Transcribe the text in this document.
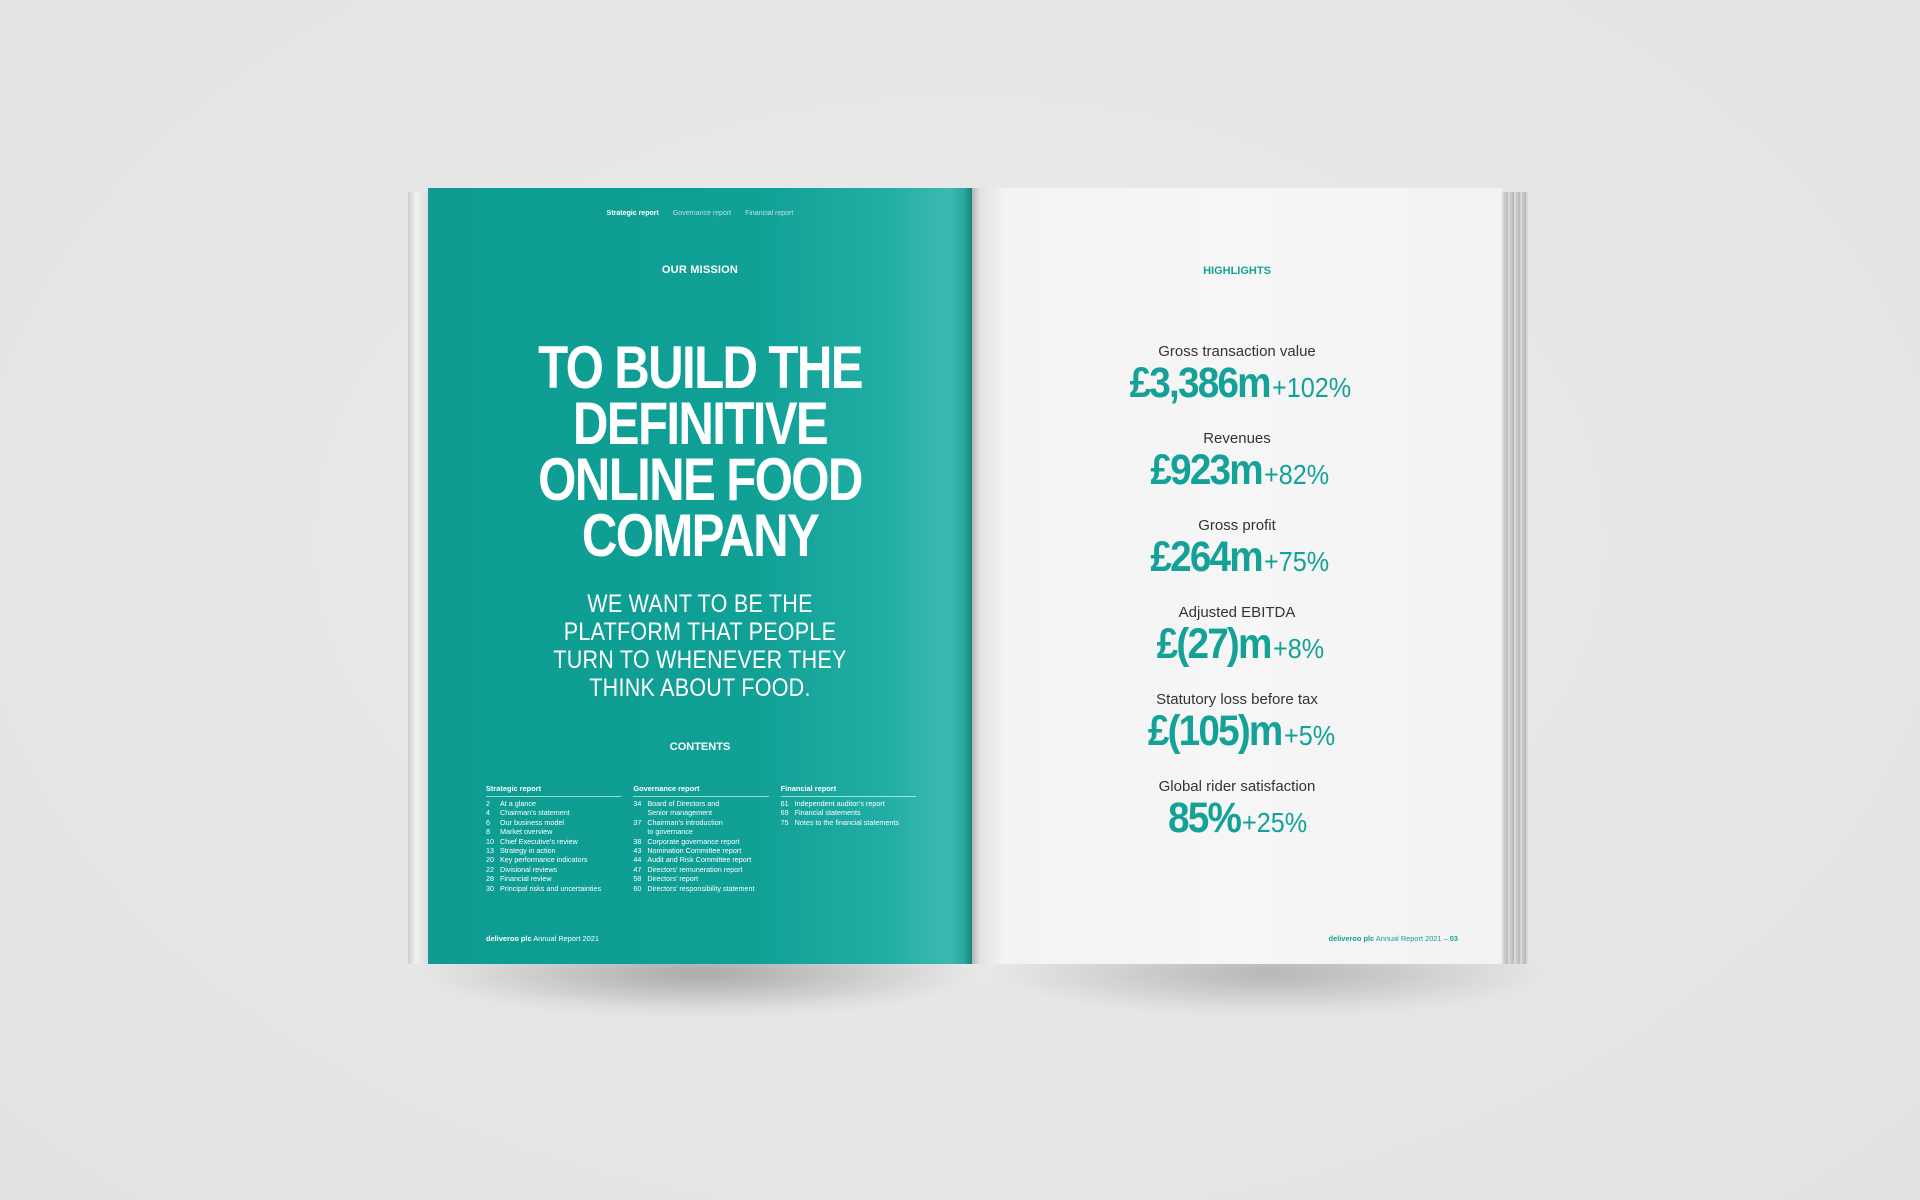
Strategic report Governance report Financial report
OUR MISSION
TO BUILD THE
DEFINITIVE
ONLINE FOOD
COMPANY
WE WANT TO BE THE
PLATFORM THAT PEOPLE
TURN TO WHENEVER THEY
THINK ABOUT FOOD.
CONTENTS
Strategic report
2	At a glance
4	Chairman’s statement
6	Our business model
8	Market overview
10 Chief Executive’s review
13 Strategy in action
20 Key performance indicators
22 Divisional reviews
28 Financial review
30 Principal risks and uncertainties
Governance report
34 Board of Directors and
Senior management
37 Chairman’s introduction
to governance
38 Corporate governance report
43 Nomination Committee report
44 Audit and Risk Committee report
47 Directors’ remuneration report
58 Directors’ report
60 Directors’ responsibility statement
Financial report
61 Independent auditor’s report
69 Financial statements
75 Notes to the financial statements
deliveroo plc Annual Report 2021
HIGHLIGHTS
Gross transaction value
£3,386m+102%
Revenues
£923m+82%
Gross profit
£264m+75%
Adjusted EBITDA
£(27)m+8%
Statutory loss before tax
£(105)m+5%
Global rider satisfaction
85%+25%
deliveroo plc Annual Report 2021 – 03
